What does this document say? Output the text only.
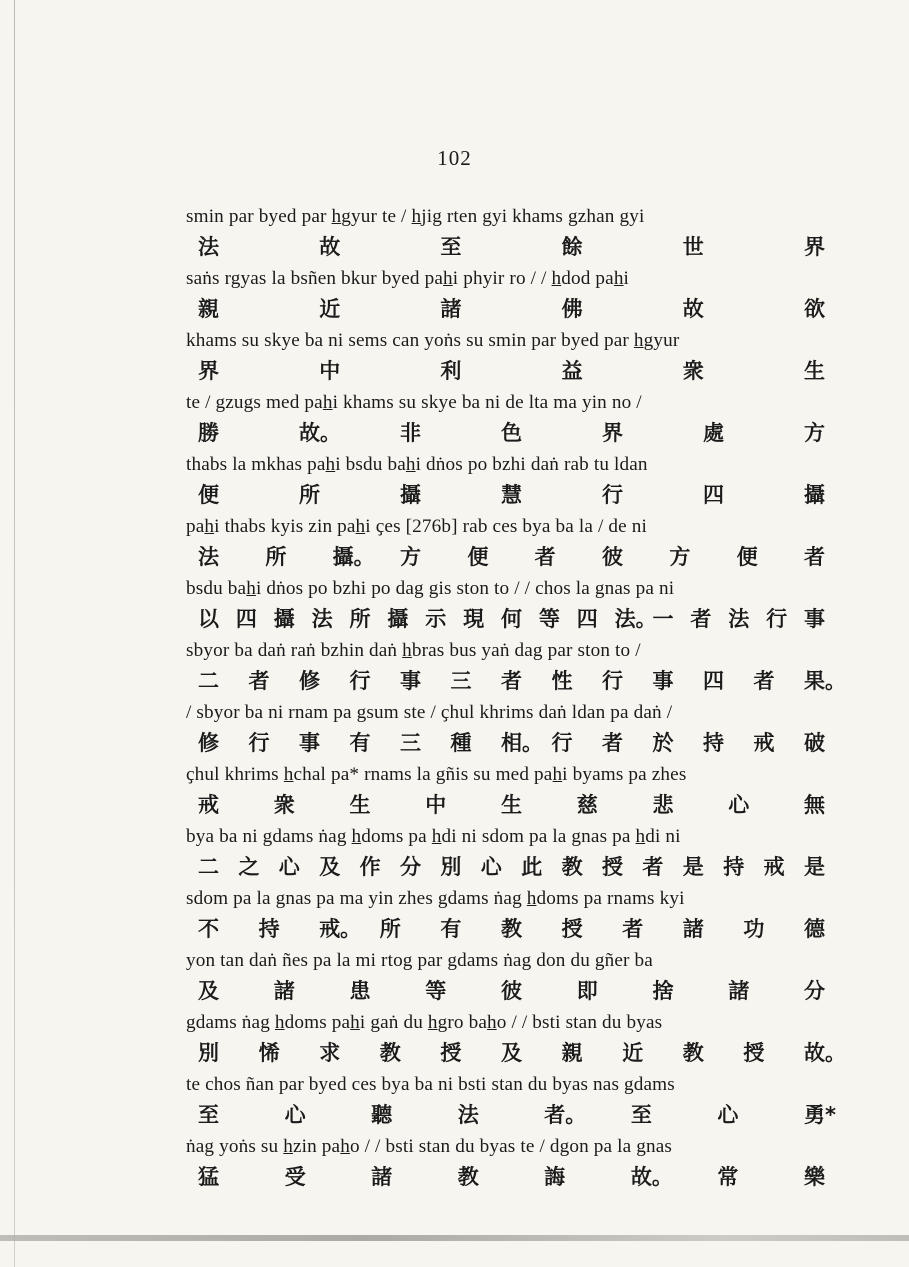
102
smin par byed par h̲gyur te / h̲jig rten gyi khams gzhan gyi
法	故	至	餘	世	界
saṅs rgyas la bsñen bkur byed pah̲i phyir ro / / h̲dod pah̲i
親	近	諸	佛	故	欲
khams su skye ba ni sems can yoṅs su smin par byed par h̲gyur
界	中	利	益	衆	生
te / gzugs med pah̲i khams su skye ba ni de lta ma yin no /
勝	故。	非	色	界	處	方
thabs la mkhas pah̲i bsdu bah̲i dṅos po bzhi daṅ rab tu ldan
便	所	攝	慧	行	四	攝
pah̲i thabs kyis zin pah̲i ҫes [276b] rab ces bya ba la / de ni
法 所 攝。 方 便 者 彼 方 便 者
bsdu bah̲i dṅos po bzhi po dag gis ston to / / chos la gnas pa ni
以 四 攝 法 所 攝 示 現 何 等 四 法。
一 者 法 行 事
sbyor ba daṅ raṅ bzhin daṅ h̲bras bus yaṅ dag par ston to /
二 者 修 行 事 三 者 性 行 事 四 者 果。
/ sbyor ba ni rnam pa gsum ste / ҫhul khrims daṅ ldan pa daṅ /
修 行 事 有 三 種 相。 行 者 於 持 戒 破
ҫhul khrims h̲chal pa* rnams la gñis su med pah̲i byams pa zhes
戒	衆	生	中	生	慈	悲	心	無
bya ba ni gdams ṅag h̲doms pa h̲di ni sdom pa la gnas pa h̲di ni
二 之 心 及 作 分 別 心 此 教 授 者 是 持 戒 是
sdom pa la gnas pa ma yin zhes gdams ṅag h̲doms pa rnams kyi
不 持 戒。 所 有 教 授 者 諸 功 德
yon tan daṅ ñes pa la mi rtog par gdams ṅag don du gñer ba
及	諸	患	等	彼	即	捨	諸	分
gdams ṅag h̲doms pah̲i gaṅ du h̲gro bah̲o / / bsti stan du byas
別 悕 求 教 授 及 親 近 教 授 故。
te chos ñan par byed ces bya ba ni bsti stan du byas nas gdams
至	心	聽	法	者。 至	心	勇*
ṅag yoṅs su h̲zin pah̲o / / bsti stan du byas te / dgon pa la gnas
猛	受	諸	教	誨	故。 常	樂
